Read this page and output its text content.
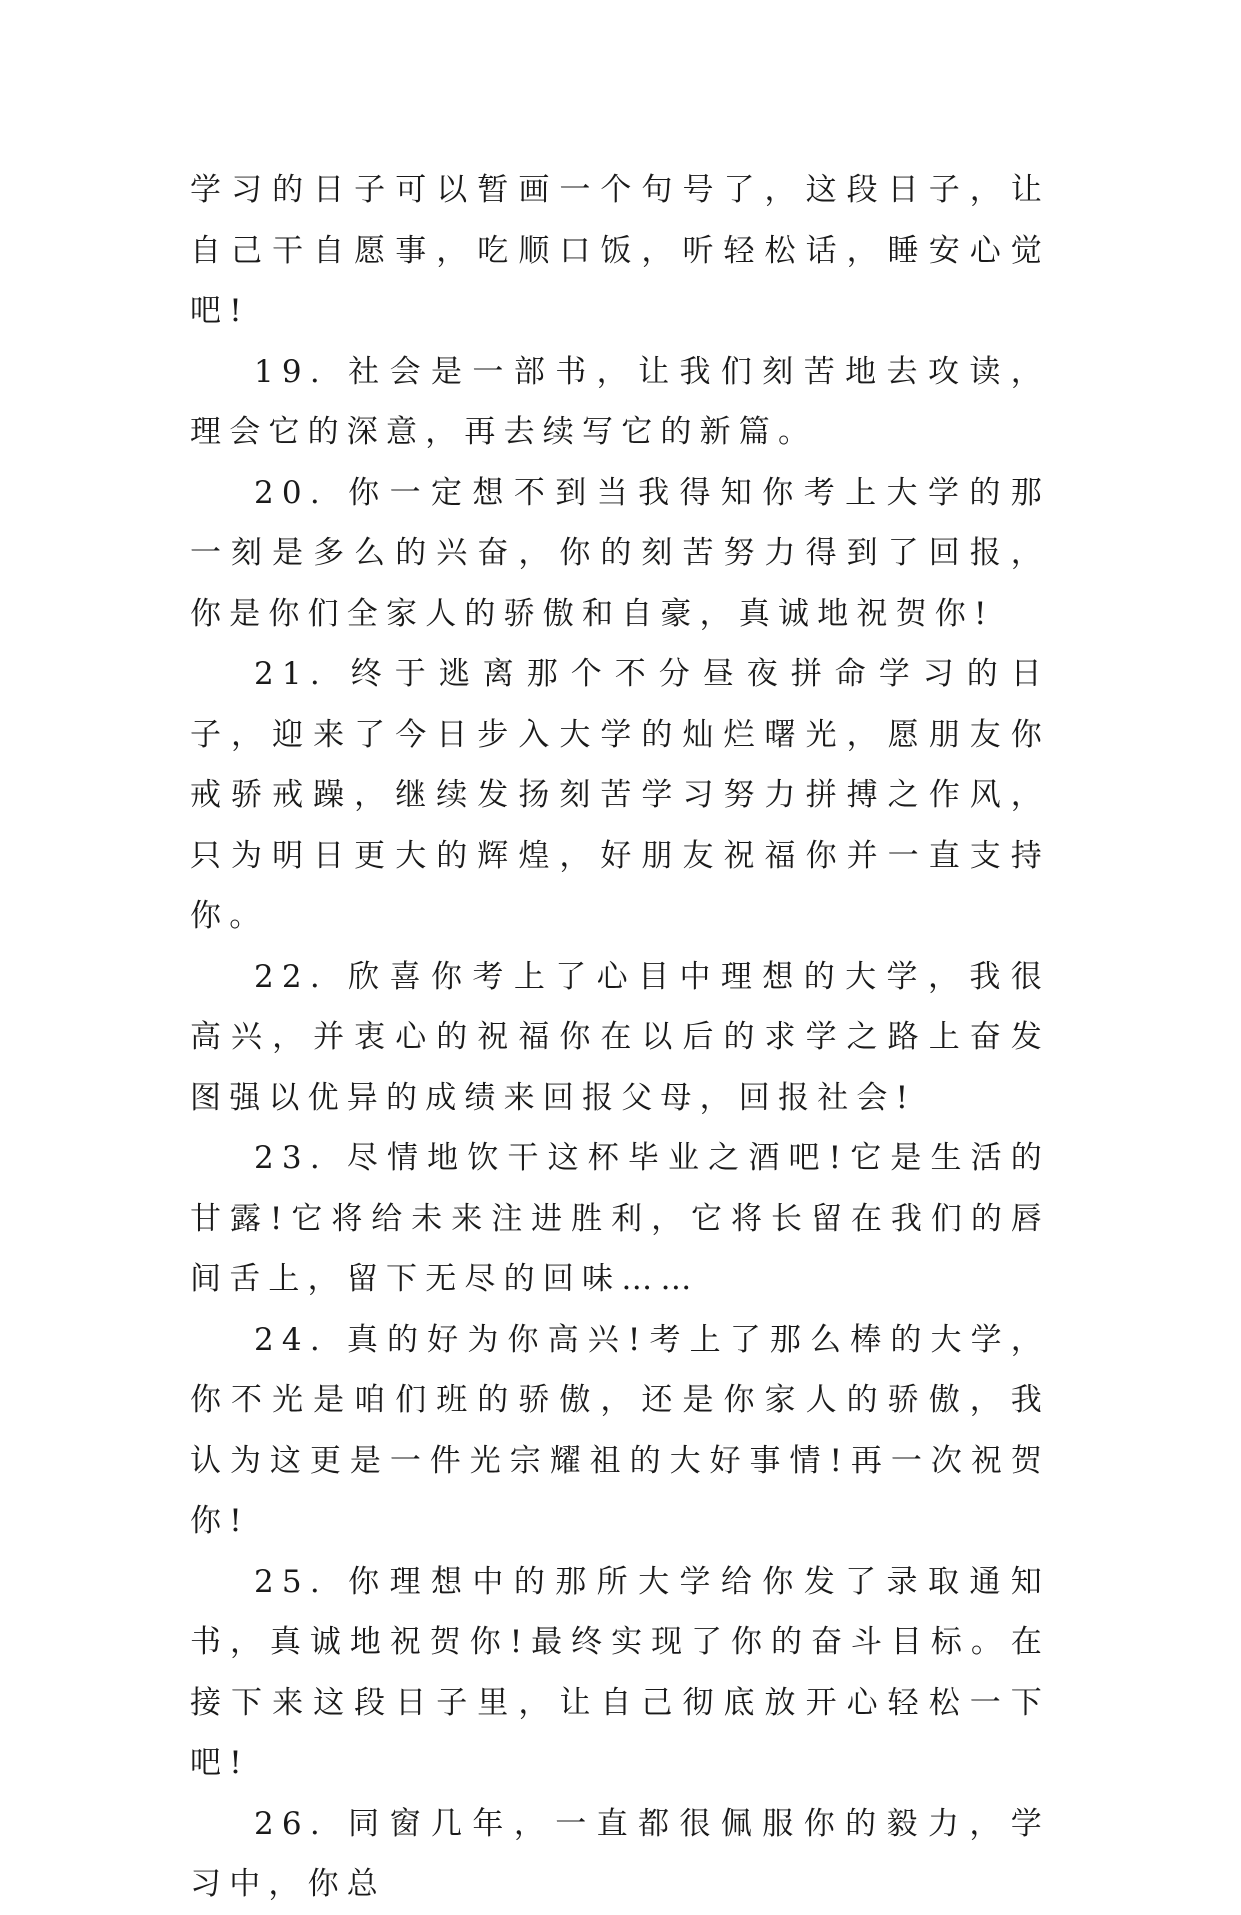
学习的日子可以暂画一个句号了，这段日子，让自己干自愿事，吃顺口饭，听轻松话，睡安心觉吧!

19. 社会是一部书，让我们刻苦地去攻读，理会它的深意，再去续写它的新篇。

20. 你一定想不到当我得知你考上大学的那一刻是多么的兴奋，你的刻苦努力得到了回报，你是你们全家人的骄傲和自豪，真诚地祝贺你!

21. 终于逃离那个不分昼夜拼命学习的日子，迎来了今日步入大学的灿烂曙光，愿朋友你戒骄戒躁，继续发扬刻苦学习努力拼搏之作风，只为明日更大的辉煌，好朋友祝福你并一直支持你。

22. 欣喜你考上了心目中理想的大学，我很高兴，并衷心的祝福你在以后的求学之路上奋发图强以优异的成绩来回报父母，回报社会!

23. 尽情地饮干这杯毕业之酒吧!它是生活的甘露!它将给未来注进胜利，它将长留在我们的唇间舌上，留下无尽的回味……

24. 真的好为你高兴!考上了那么棒的大学，你不光是咱们班的骄傲，还是你家人的骄傲，我认为这更是一件光宗耀祖的大好事情!再一次祝贺你!

25. 你理想中的那所大学给你发了录取通知书，真诚地祝贺你!最终实现了你的奋斗目标。在接下来这段日子里，让自己彻底放开心轻松一下吧!

26. 同窗几年，一直都很佩服你的毅力，学习中，你总
